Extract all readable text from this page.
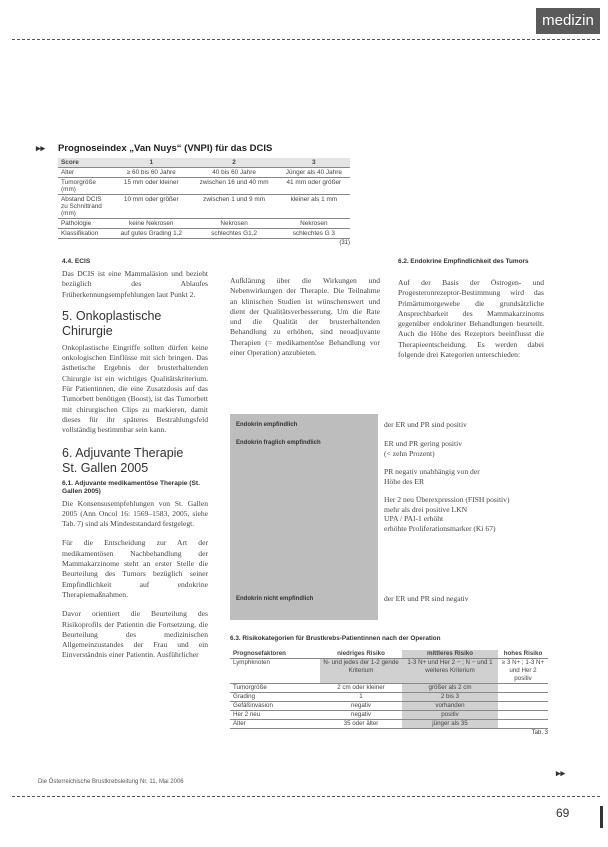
medizin
▸▸ Prognoseindex „Van Nuys“ (VNPI) für das DCIS
Score	1	2	3
Alter	≥ 60 bis 60 Jahre	40 bis 60 Jahre	Jünger als 40 Jahre
Tumorgröße (mm)	15 mm oder kleiner	zwischen 16 und 40 mm	41 mm oder größer
Abstand DCIS zu Schnittrand (mm)	10 mm oder größer	zwischen 1 und 9 mm	kleiner als 1 mm
Pathologie	keine Nekrosen	Nekrosen	Nekrosen
Klassifikation	auf gutes Grading 1,2	schlechtes G1,2	schlechtes G 3
(31)
4.4. ECIS
Das DCIS ist eine Mammaläsion und bezieht bezüglich des Ablaufes Früherkennungsempfehlungen laut Punkt 2.
5. Onkoplastische Chirurgie
Onkoplastische Eingriffe sollten dürfen keine onkologischen Einflüsse mit sich bringen. Das ästhetische Ergebnis der brusterhaltenden Chirurgie ist ein wichtiges Qualitätskriterium. Für Patientinnen, die eine Zusatzdosis auf das Tumorbett benötigen (Boost), ist das Tumorbett mit chirurgischen Clips zu markieren, damit dieses für ihr späteres Bestrahlungsfeld vollständig bestimmbar sein kann.
6. Adjuvante Therapie
St. Gallen 2005
6.1. Adjuvante medikamentöse Therapie (St. Gallen 2005)
Die Konsensusempfehlungen von St. Gallen 2005 (Ann Oncol 16: 1569–1583, 2005, siehe Tab. 7) sind als Mindeststandard festgelegt.
Für die Entscheidung zur Art der medikamentösen Nachbehandlung der Mammakarzinome steht an erster Stelle die Beurteilung des Tumors bezüglich seiner Empfindlichkeit auf endokrine Therapiemaßnahmen.
Davor orientiert die Beurteilung des Risikoprofils der Patientin die Fortsetzung, die Beurteilung des medizinischen Allgemeinzustandes der Frau und ein Einverständnis einer Patientin. Ausführlicher
Aufklärung über die Wirkungen und Nebenwirkungen der Therapie. Die Teilnahme an klinischen Studien ist wünschenswert und dient der Qualitätsverbesserung. Um die Rate und die Qualität der brusterhaltenden Behandlung zu erhöhen, sind neoadjuvante Therapien (= medikamentöse Behandlung vor einer Operation) anzubieten.
6.2. Endokrine Empfindlichkeit des Tumors
Auf der Basis der Östrogen- und Progesteronrezeptor-Bestimmung wird das Primärtumorgewebe die grundsätzliche Ansprechbarkeit des Mammakarzinoms gegenüber endokriner Behandlungen beurteilt. Auch die Höhe des Rezeptors beeinflusst die Therapieentscheidung. Es werden dabei folgende drei Kategorien unterschieden:
Endokrin empfindlich	der ER und PR sind positiv
Endokrin fraglich empfindlich	ER und PR gering positiv
(< zehn Prozent)
PR negativ unabhängig von der
Höhe des ER
Her 2 neu Überexpression (FISH positiv)
mehr als drei positive LKN
UPA / PAI-1 erhöht
erhöhte Proliferationsmarker (Ki 67)
Endokrin nicht empfindlich	der ER und PR sind negativ
6.3. Risikokategorien für Brustkrebs-Patientinnen nach der Operation
Prognosefaktoren	niedriges Risiko	mittleres Risiko	hohes Risiko
Lymphknoten	N- und jedes der 1-2 gende Kriterium	1-3 N+ und Her 2 − ; N − und 1 weiteres Kriterium	≥ 3 N+ ; 1-3 N+ und Her 2 positiv
Tumorgröße	2 cm oder kleiner	größer als 2 cm	
Grading	1	2 bis 3	
Gefäßinvasion	negativ	vorhanden	
Her 2 neu	negativ	positiv	
Alter	35 oder älter	jünger als 35	
Tab. 3
▸▸
Die Österreichische Brustkrebsleitung Nr. 11, Mai 2006
69
